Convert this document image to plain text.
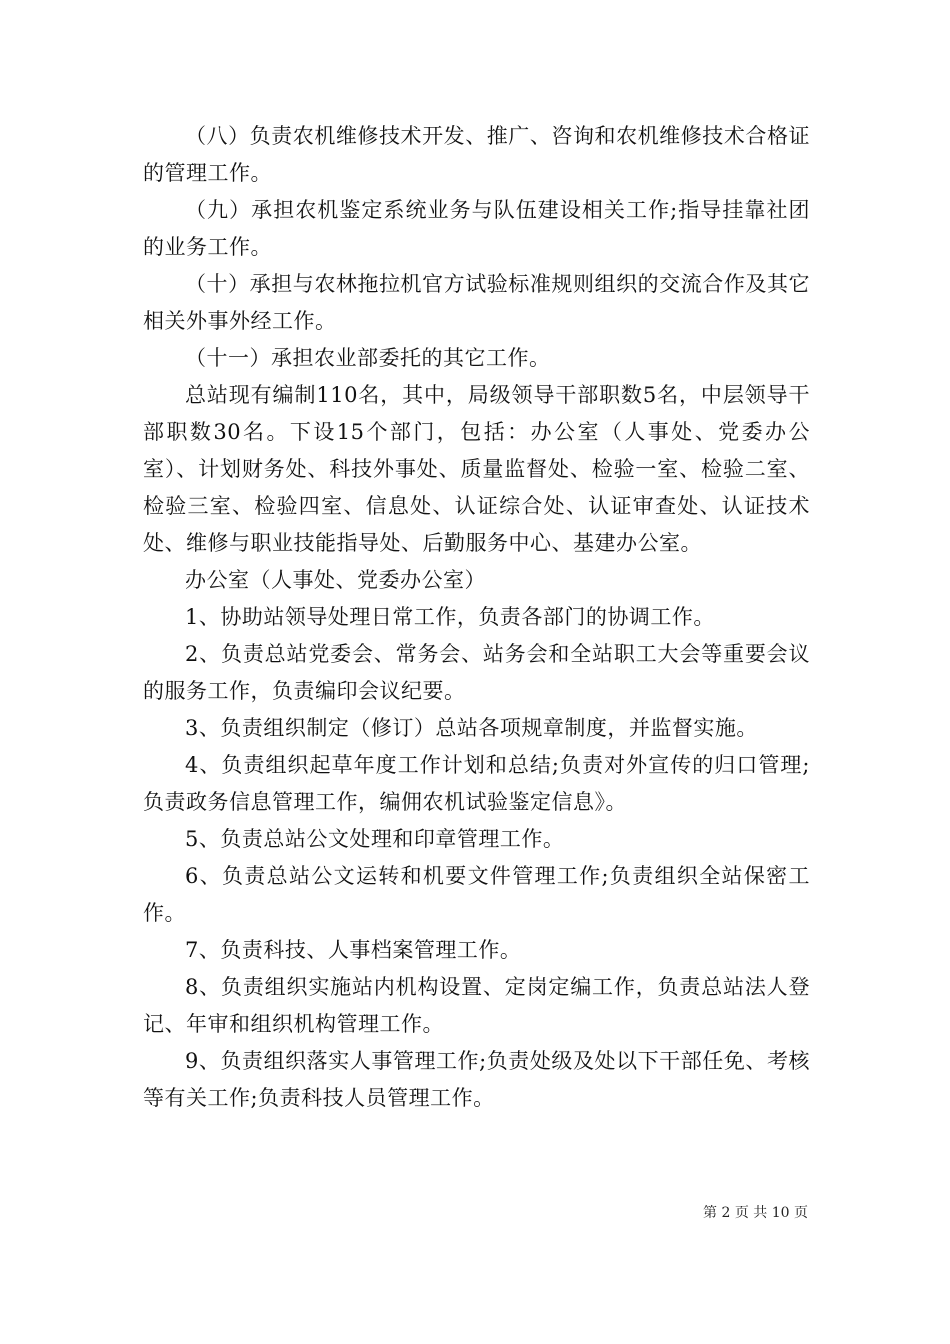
（八）负责农机维修技术开发、推广、咨询和农机维修技术合格证的管理工作。

（九）承担农机鉴定系统业务与队伍建设相关工作;指导挂靠社团的业务工作。

（十）承担与农林拖拉机官方试验标准规则组织的交流合作及其它相关外事外经工作。

（十一）承担农业部委托的其它工作。

总站现有编制110名，其中，局级领导干部职数5名，中层领导干部职数30名。下设15个部门，包括：办公室（人事处、党委办公室）、计划财务处、科技外事处、质量监督处、检验一室、检验二室、检验三室、检验四室、信息处、认证综合处、认证审查处、认证技术处、维修与职业技能指导处、后勤服务中心、基建办公室。

办公室（人事处、党委办公室）

1、协助站领导处理日常工作，负责各部门的协调工作。

2、负责总站党委会、常务会、站务会和全站职工大会等重要会议的服务工作，负责编印会议纪要。

3、负责组织制定（修订）总站各项规章制度，并监督实施。

4、负责组织起草年度工作计划和总结;负责对外宣传的归口管理;负责政务信息管理工作，编佣农机试验鉴定信息》。

5、负责总站公文处理和印章管理工作。

6、负责总站公文运转和机要文件管理工作;负责组织全站保密工作。

7、负责科技、人事档案管理工作。

8、负责组织实施站内机构设置、定岗定编工作，负责总站法人登记、年审和组织机构管理工作。

9、负责组织落实人事管理工作;负责处级及处以下干部任免、考核等有关工作;负责科技人员管理工作。

第 2 页 共 10 页
